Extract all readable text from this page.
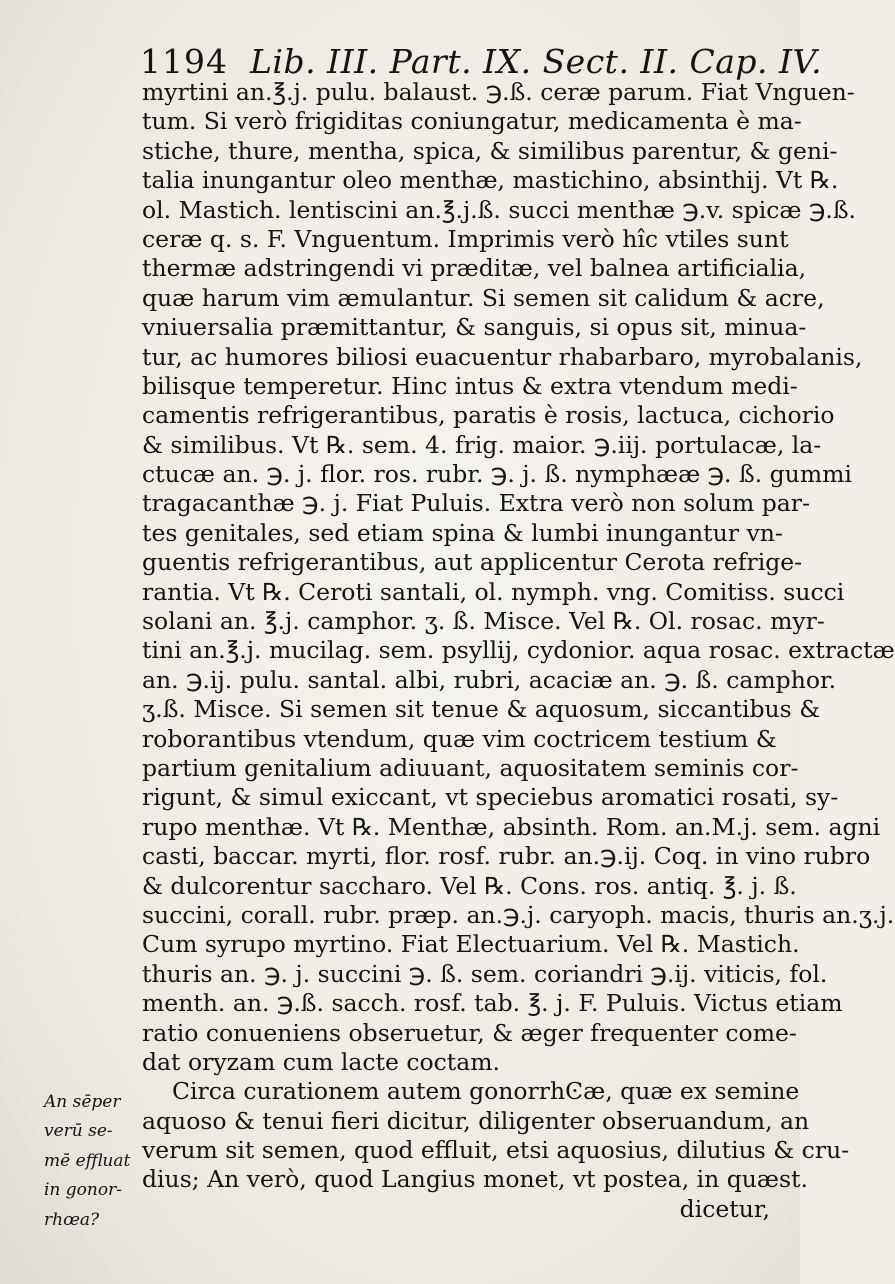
1194 Lib. III. Part. IX. Sect. II. Cap. IV.
myrtini an.℥.j. pulu. balaust. ℈.ß. ceræ parum. Fiat Vnguen-
tum. Si verò frigiditas coniungatur, medicamenta è ma-
stiche, thure, mentha, spica, & similibus parentur, & geni-
talia inungantur oleo menthæ, mastichino, absinthij. Vt ℞.
ol. Mastich. lentiscini an.℥.j.ß. succi menthæ ℈.v. spicæ ℈.ß.
ceræ q. s. F. Vnguentum. Imprimis verò hîc vtiles sunt
thermæ adstringendi vi præditæ, vel balnea artificialia,
quæ harum vim æmulantur. Si semen sit calidum & acre,
vniuersalia præmittantur, & sanguis, si opus sit, minua-
tur, ac humores biliosi euacuentur rhabarbaro, myrobalanis,
bilisque temperetur. Hinc intus & extra vtendum medi-
camentis refrigerantibus, paratis è rosis, lactuca, cichorio
& similibus. Vt ℞. sem. 4. frig. maior. ℈.iij. portulacæ, la-
ctucæ an. ℈. j. flor. ros. rubr. ℈. j. ß. nymphææ ℈. ß. gummi
tragacanthæ ℈. j. Fiat Puluis. Extra verò non solum par-
tes genitales, sed etiam spina & lumbi inungantur vn-
guentis refrigerantibus, aut applicentur Cerota refrige-
rantia. Vt ℞. Ceroti santali, ol. nymph. vng. Comitiss. succi
solani an. ℥.j. camphor. ʒ. ß. Misce. Vel ℞. Ol. rosac. myr-
tini an.℥.j. mucilag. sem. psyllij, cydonior. aqua rosac. extractæ
an. ℈.ij. pulu. santal. albi, rubri, acaciæ an. ℈. ß. camphor.
ʒ.ß. Misce. Si semen sit tenue & aquosum, siccantibus &
roborantibus vtendum, quæ vim coctricem testium &
partium genitalium adiuuant, aquositatem seminis cor-
rigunt, & simul exiccant, vt speciebus aromatici rosati, sy-
rupo menthæ. Vt ℞. Menthæ, absinth. Rom. an.M.j. sem. agni
casti, baccar. myrti, flor. rosf. rubr. an.℈.ij. Coq. in vino rubro
& dulcorentur saccharo. Vel ℞. Cons. ros. antiq. ℥. j. ß.
succini, corall. rubr. præp. an.℈.j. caryoph. macis, thuris an.ʒ.j.
Cum syrupo myrtino. Fiat Electuarium. Vel ℞. Mastich.
thuris an. ℈. j. succini ℈. ß. sem. coriandri ℈.ij. viticis, fol.
menth. an. ℈.ß. sacch. rosf. tab. ℥. j. F. Puluis. Victus etiam
ratio conueniens obseruetur, & æger frequenter come-
dat oryzam cum lacte coctam.
Circa curationem autem gonorrhϾæ, quæ ex semine
aquoso & tenui fieri dicitur, diligenter obseruandum, an
verum sit semen, quod effluit, etsi aquosius, dilutius & cru-
dius; An verò, quod Langius monet, vt postea, in quæst.
dicetur,
An sēper
verū se-
mē effluat
in gonor-
rhœa?
